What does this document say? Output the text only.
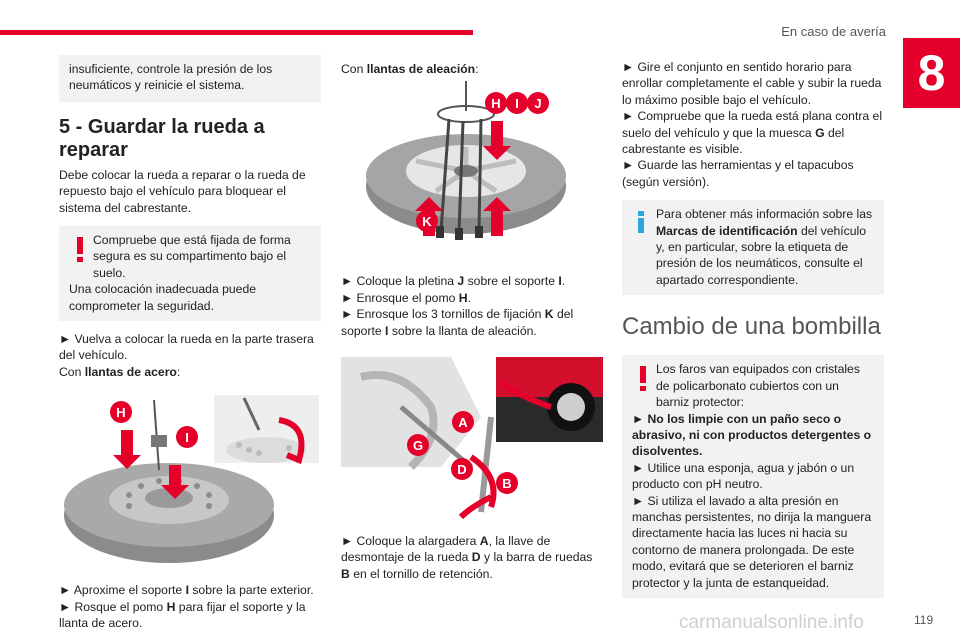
En caso de avería
8

insuficiente, controle la presión de los neumáticos y reinicie el sistema.

5 - Guardar la rueda a reparar

Debe colocar la rueda a reparar o la rueda de repuesto bajo el vehículo para bloquear el sistema del cabrestante.

Compruebe que está fijada de forma segura es su compartimento bajo el suelo.

Una colocación inadecuada puede comprometer la seguridad.

► Vuelva a colocar la rueda en la parte trasera del vehículo.

Con llantas de acero:

H
I

► Aproxime el soporte I sobre la parte exterior.

► Rosque el pomo H para fijar el soporte y la llanta de acero.

Con llantas de aleación:

H I J
K

► Coloque la pletina J sobre el soporte I.

► Enrosque el pomo H.

► Enrosque los 3 tornillos de fijación K del soporte I sobre la llanta de aleación.

A
G
D
B

► Coloque la alargadera A, la llave de desmontaje de la rueda D y la barra de ruedas B en el tornillo de retención.

► Gire el conjunto en sentido horario para enrollar completamente el cable y subir la rueda lo máximo posible bajo el vehículo.

► Compruebe que la rueda está plana contra el suelo del vehículo y que la muesca G del cabrestante es visible.

► Guarde las herramientas y el tapacubos (según versión).

Para obtener más información sobre las Marcas de identificación del vehículo y, en particular, sobre la etiqueta de presión de los neumáticos, consulte el apartado correspondiente.

Cambio de una bombilla

Los faros van equipados con cristales de policarbonato cubiertos con un barniz protector:

► No los limpie con un paño seco o abrasivo, ni con productos detergentes o disolventes.

► Utilice una esponja, agua y jabón o un producto con pH neutro.

► Si utiliza el lavado a alta presión en manchas persistentes, no dirija la manguera directamente hacia las luces ni hacia su contorno de manera prolongada. De este modo, evitará que se deterioren el barniz protector y la junta de estanqueidad.

carmanualsonline.info	119
